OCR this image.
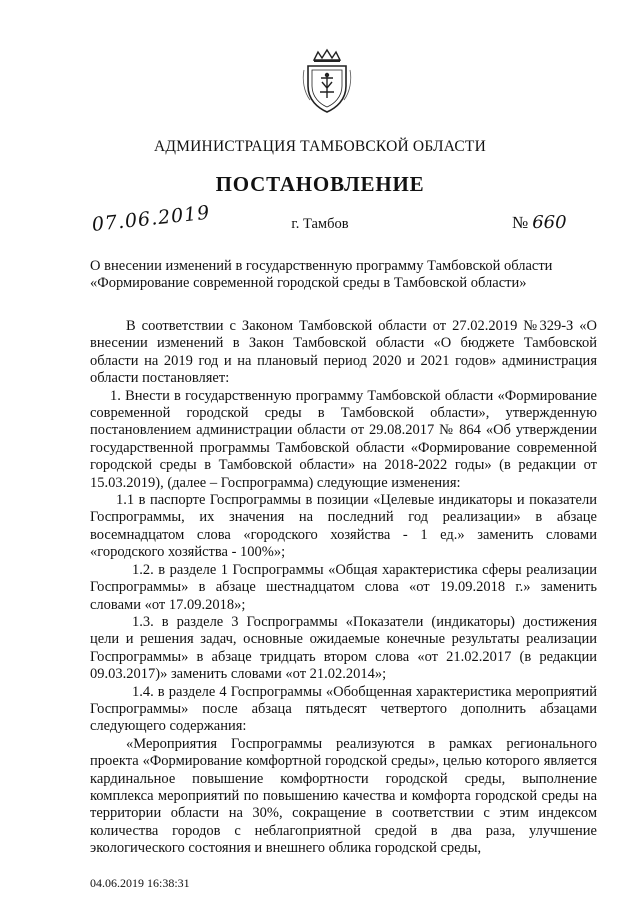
АДМИНИСТРАЦИЯ ТАМБОВСКОЙ ОБЛАСТИ
ПОСТАНОВЛЕНИЕ
07.06.2019	г. Тамбов	№ 660
О внесении изменений в государственную программу Тамбовской области
«Формирование современной городской среды в Тамбовской области»

В соответствии с Законом Тамбовской области от 27.02.2019 №329-З «О внесении изменений в Закон Тамбовской области «О бюджете Тамбовской области на 2019 год и на плановый период 2020 и 2021 годов» администрация области постановляет:

1. Внести в государственную программу Тамбовской области «Формирование современной городской среды в Тамбовской области», утвержденную постановлением администрации области от 29.08.2017 № 864 «Об утверждении государственной программы Тамбовской области «Формирование современной городской среды в Тамбовской области» на 2018-2022 годы» (в редакции от 15.03.2019), (далее – Госпрограмма) следующие изменения:

1.1 в паспорте Госпрограммы в позиции «Целевые индикаторы и показатели Госпрограммы, их значения на последний год реализации» в абзаце восемнадцатом слова «городского хозяйства - 1 ед.» заменить словами «городского хозяйства - 100%»;

1.2. в разделе 1 Госпрограммы «Общая характеристика сферы реализации Госпрограммы» в абзаце шестнадцатом слова «от 19.09.2018 г.» заменить словами «от 17.09.2018»;

1.3. в разделе 3 Госпрограммы «Показатели (индикаторы) достижения цели и решения задач, основные ожидаемые конечные результаты реализации Госпрограммы» в абзаце тридцать втором слова «от 21.02.2017 (в редакции 09.03.2017)» заменить словами «от 21.02.2014»;

1.4. в разделе 4 Госпрограммы «Обобщенная характеристика мероприятий Госпрограммы» после абзаца пятьдесят четвертого дополнить абзацами следующего содержания:

«Мероприятия Госпрограммы реализуются в рамках регионального проекта «Формирование комфортной городской среды», целью которого является кардинальное повышение комфортности городской среды, выполнение комплекса мероприятий по повышению качества и комфорта городской среды на территории области на 30%, сокращение в соответствии с этим индексом количества городов с неблагоприятной средой в два раза, улучшение экологического состояния и внешнего облика городской среды,

04.06.2019 16:38:31
